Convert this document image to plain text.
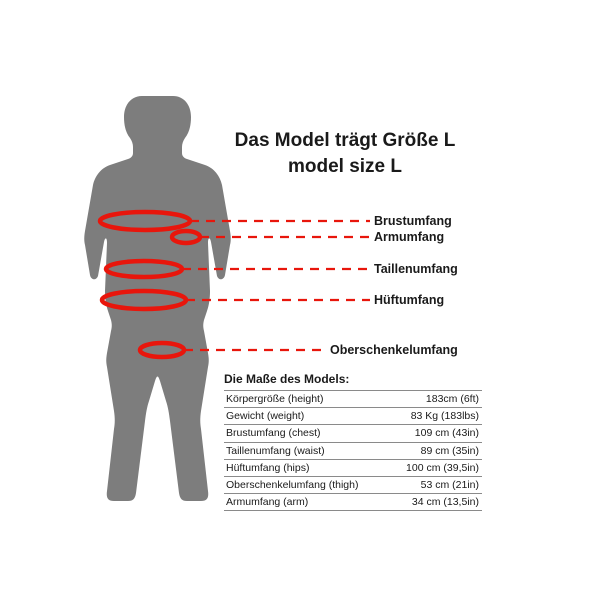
Das Model trägt Größe L
model size L
Brustumfang
Armumfang
Taillenumfang
Hüftumfang
Oberschenkelumfang
Die Maße des Models:
Körpergröße (height)	183cm (6ft)
Gewicht (weight)	83 Kg (183lbs)
Brustumfang (chest)	109 cm (43in)
Taillenumfang (waist)	89 cm (35in)
Hüftumfang (hips)	100 cm (39,5in)
Oberschenkelumfang (thigh)	53 cm (21in)
Armumfang (arm)	34 cm (13,5in)
